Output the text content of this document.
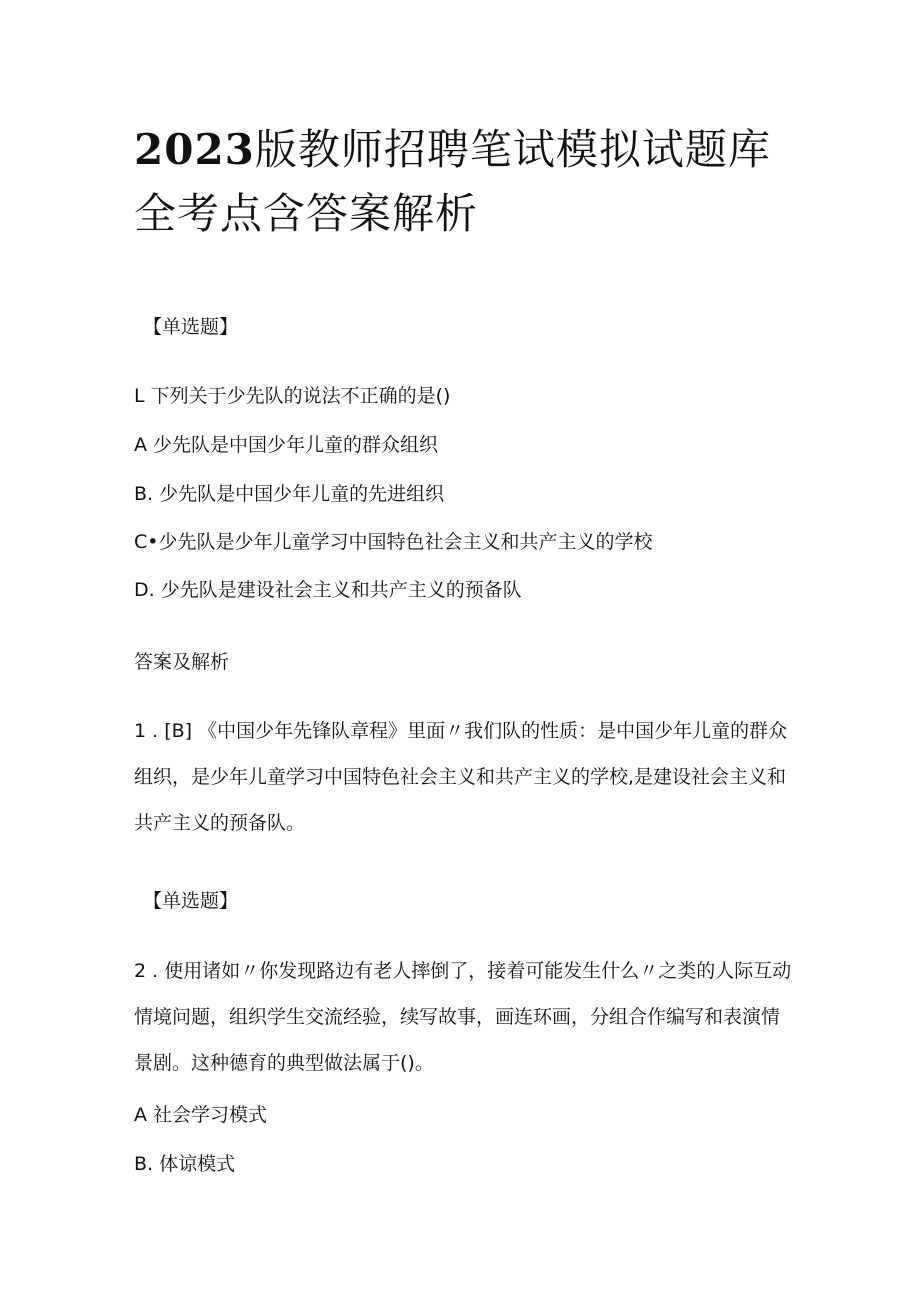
2023版教师招聘笔试模拟试题库全考点含答案解析

【单选题】

L 下列关于少先队的说法不正确的是()

A 少先队是中国少年儿童的群众组织

B. 少先队是中国少年儿童的先进组织

C•少先队是少年儿童学习中国特色社会主义和共产主义的学校

D. 少先队是建设社会主义和共产主义的预备队

答案及解析

1 . [B] 《中国少年先锋队章程》里面〃我们队的性质：是中国少年儿童的群众组织，是少年儿童学习中国特色社会主义和共产主义的学校,是建设社会主义和共产主义的预备队。

【单选题】

2 . 使用诸如〃你发现路边有老人摔倒了，接着可能发生什么〃之类的人际互动情境问题，组织学生交流经验，续写故事，画连环画，分组合作编写和表演情景剧。这种德育的典型做法属于()。

A 社会学习模式

B. 体谅模式
